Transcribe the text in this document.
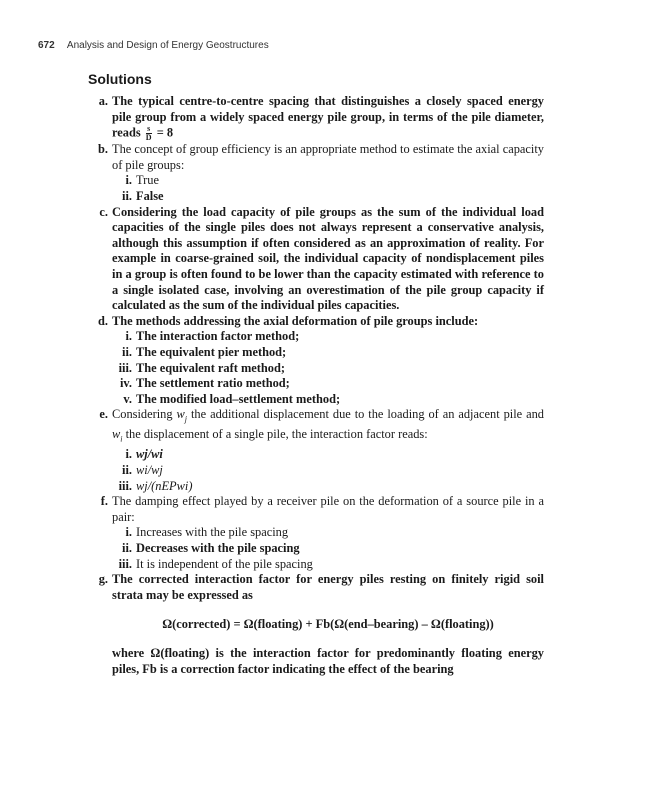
672 Analysis and Design of Energy Geostructures
Solutions
a. The typical centre-to-centre spacing that distinguishes a closely spaced energy pile group from a widely spaced energy pile group, in terms of the pile diameter, reads $\frac{s}{D} = 8$
b. The concept of group efficiency is an appropriate method to estimate the axial capacity of pile groups:
i. True
ii. False
c. Considering the load capacity of pile groups as the sum of the individual load capacities of the single piles does not always represent a conservative analysis, although this assumption if often considered as an approximation of reality. For example in coarse-grained soil, the individual capacity of nondisplacement piles in a group is often found to be lower than the capacity estimated with reference to a single isolated case, involving an overestimation of the pile group capacity if calculated as the sum of the individual piles capacities.
d. The methods addressing the axial deformation of pile groups include:
i. The interaction factor method;
ii. The equivalent pier method;
iii. The equivalent raft method;
iv. The settlement ratio method;
v. The modified load–settlement method;
e. Considering $w_j$ the additional displacement due to the loading of an adjacent pile and $w_i$ the displacement of a single pile, the interaction factor reads:
i. wj/wi
ii. wi/wj
iii. wj/(nEPwi)
f. The damping effect played by a receiver pile on the deformation of a source pile in a pair:
i. Increases with the pile spacing
ii. Decreases with the pile spacing
iii. It is independent of the pile spacing
g. The corrected interaction factor for energy piles resting on finitely rigid soil strata may be expressed as
Ω(corrected) = Ω(floating) + Fb(Ω(end–bearing) – Ω(floating))
where Ω(floating) is the interaction factor for predominantly floating energy piles, Fb is a correction factor indicating the effect of the bearing
